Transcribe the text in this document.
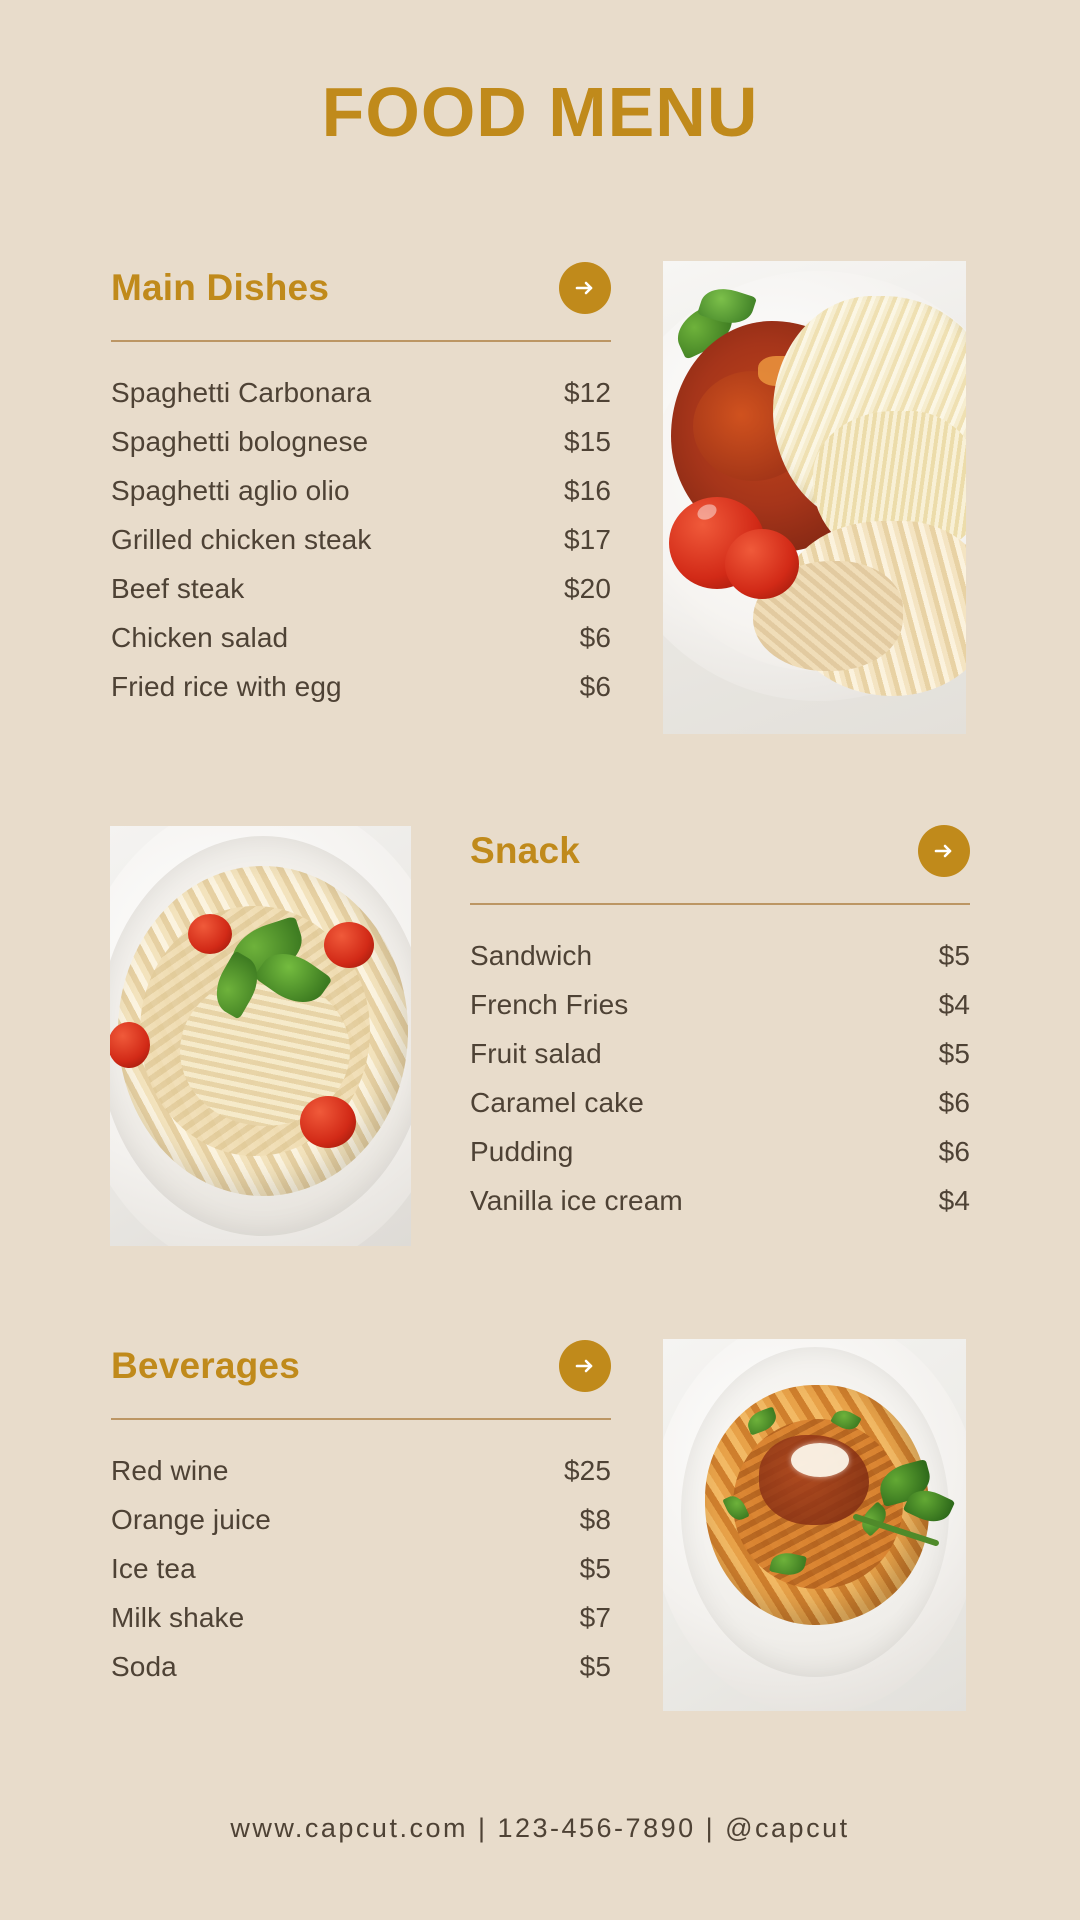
FOOD MENU
Main Dishes
Spaghetti Carbonara	$12
Spaghetti bolognese	$15
Spaghetti aglio olio	$16
Grilled chicken steak	$17
Beef steak	$20
Chicken salad	$6
Fried rice with egg	$6
Snack
Sandwich	$5
French Fries	$4
Fruit salad	$5
Caramel cake	$6
Pudding	$6
Vanilla ice cream	$4
Beverages
Red wine	$25
Orange juice	$8
Ice tea	$5
Milk shake	$7
Soda	$5
www.capcut.com | 123-456-7890 | @capcut
